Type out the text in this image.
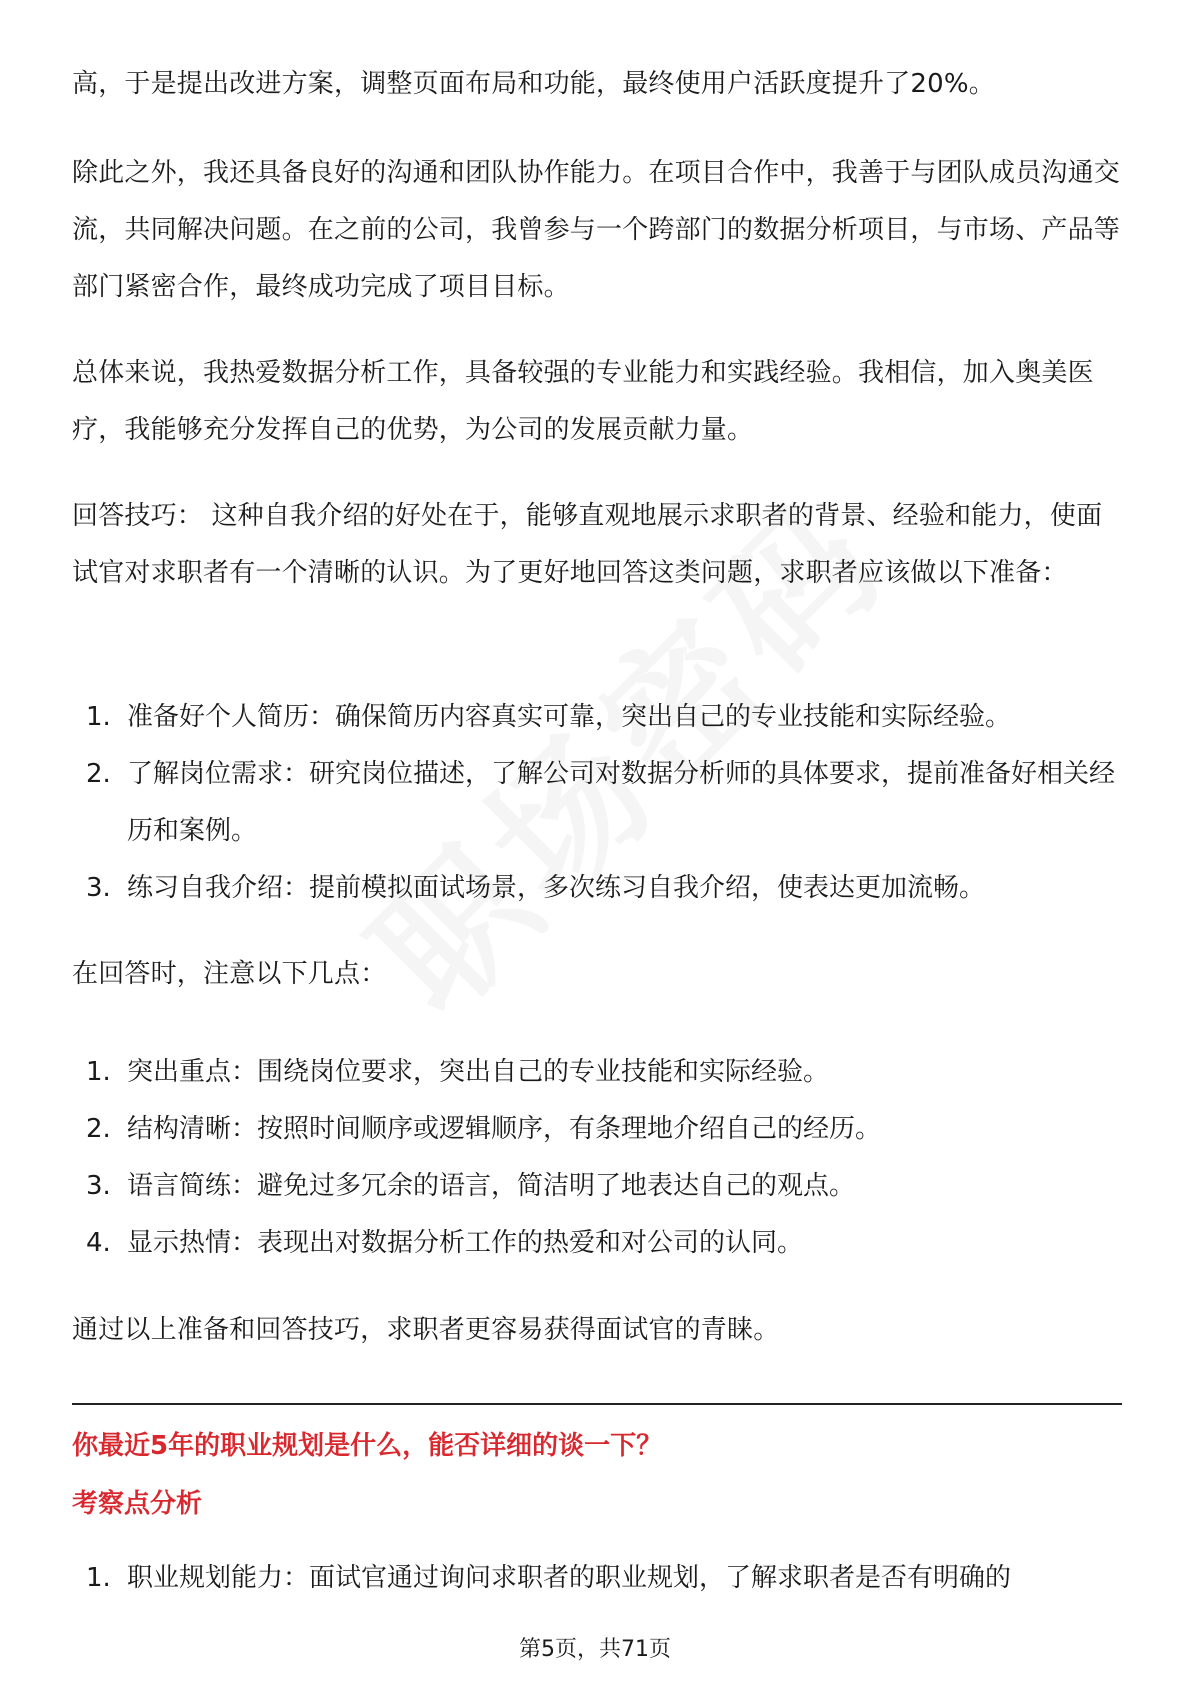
高，于是提出改进方案，调整页面布局和功能，最终使用户活跃度提升了20%。

除此之外，我还具备良好的沟通和团队协作能力。在项目合作中，我善于与团队成员沟通交流，共同解决问题。在之前的公司，我曾参与一个跨部门的数据分析项目，与市场、产品等部门紧密合作，最终成功完成了项目目标。

总体来说，我热爱数据分析工作，具备较强的专业能力和实践经验。我相信，加入奥美医疗，我能够充分发挥自己的优势，为公司的发展贡献力量。

回答技巧： 这种自我介绍的好处在于，能够直观地展示求职者的背景、经验和能力，使面试官对求职者有一个清晰的认识。为了更好地回答这类问题，求职者应该做以下准备：

1. 准备好个人简历：确保简历内容真实可靠，突出自己的专业技能和实际经验。
2. 了解岗位需求：研究岗位描述，了解公司对数据分析师的具体要求，提前准备好相关经历和案例。
3. 练习自我介绍：提前模拟面试场景，多次练习自我介绍，使表达更加流畅。

在回答时，注意以下几点：

1. 突出重点：围绕岗位要求，突出自己的专业技能和实际经验。
2. 结构清晰：按照时间顺序或逻辑顺序，有条理地介绍自己的经历。
3. 语言简练：避免过多冗余的语言，简洁明了地表达自己的观点。
4. 显示热情：表现出对数据分析工作的热爱和对公司的认同。

通过以上准备和回答技巧，求职者更容易获得面试官的青睐。

你最近5年的职业规划是什么，能否详细的谈一下？
考察点分析
1. 职业规划能力：面试官通过询问求职者的职业规划，了解求职者是否有明确的
第5页，共71页
